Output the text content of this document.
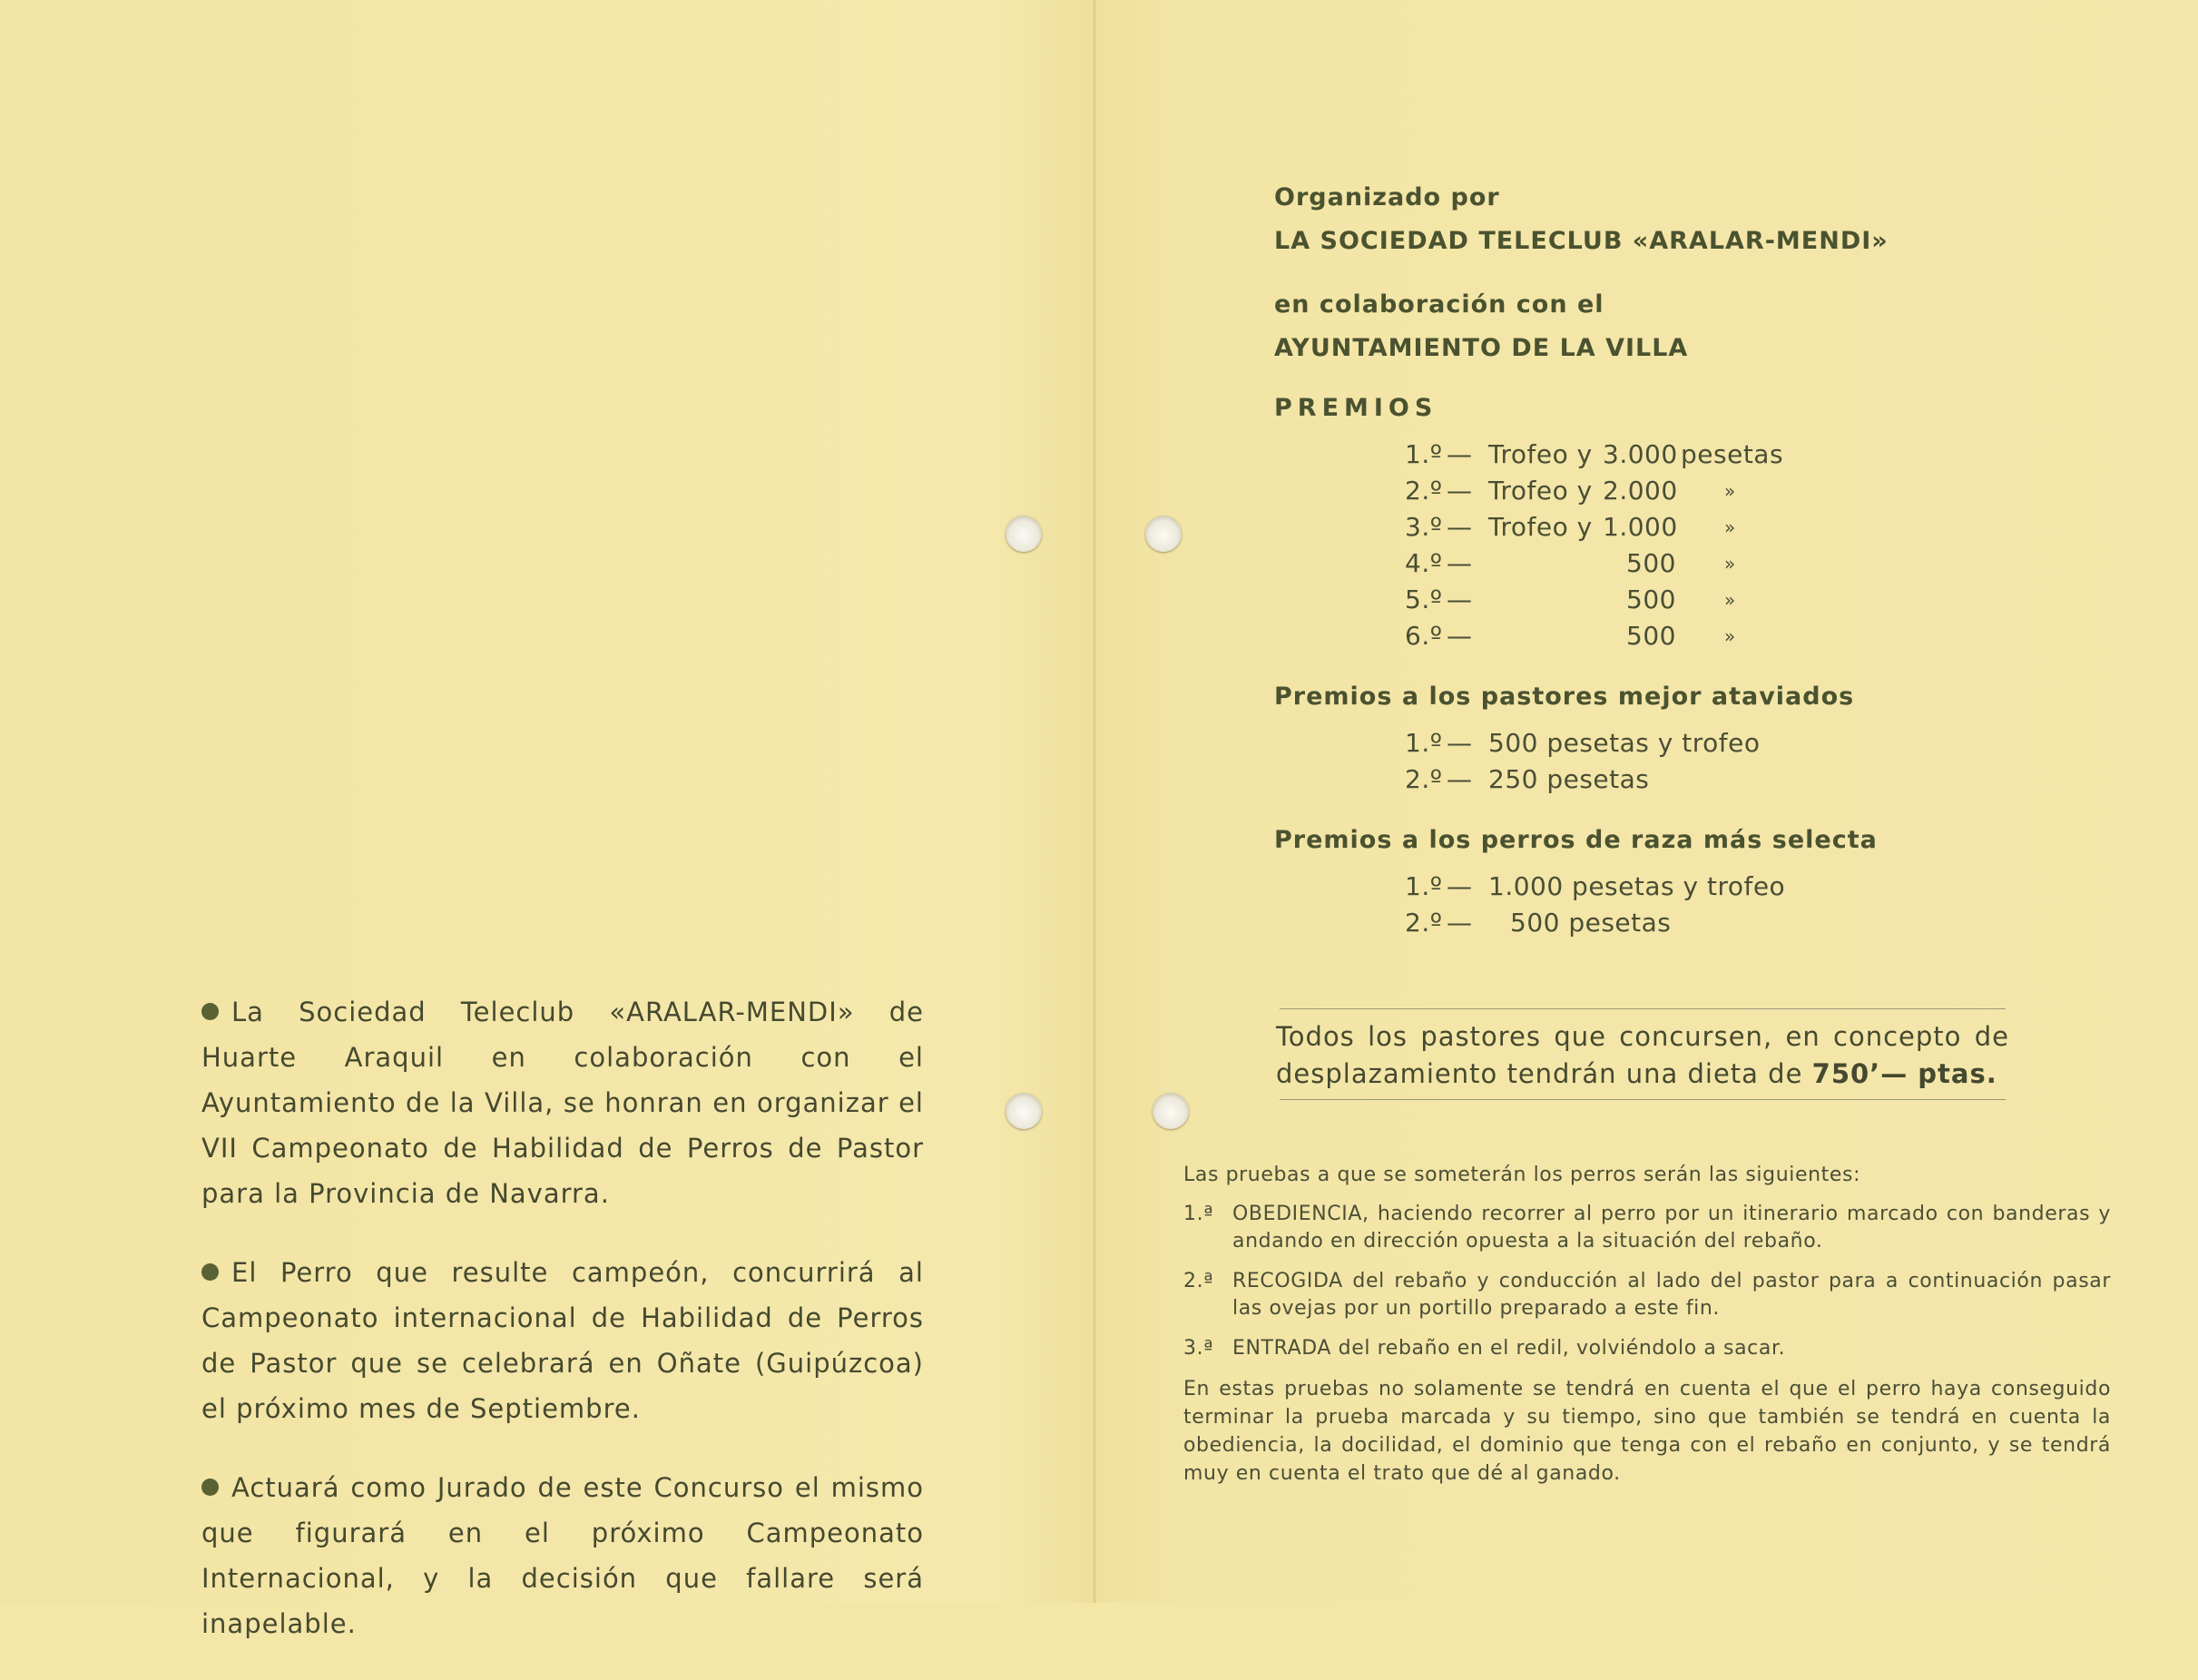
La Sociedad Teleclub «ARALAR-MENDI» de Huarte Araquil en colaboración con el Ayuntamiento de la Villa, se honran en organizar el VII Campeonato de Habilidad de Perros de Pastor para la Provincia de Navarra.

El Perro que resulte campeón, concurrirá al Campeonato internacional de Habilidad de Perros de Pastor que se celebrará en Oñate (Guipúzcoa) el próximo mes de Septiembre.

Actuará como Jurado de este Concurso el mismo que figurará en el próximo Campeonato Internacional, y la decisión que fallare será inapelable.

Organizado por
LA SOCIEDAD TELECLUB «ARALAR-MENDI»
en colaboración con el
AYUNTAMIENTO DE LA VILLA
PREMIOS
1.º — Trofeo y 3.000 pesetas
2.º — Trofeo y 2.000	»
3.º — Trofeo y 1.000	»
4.º —	500	»
5.º —	500	»
6.º —	500	»
Premios a los pastores mejor ataviados
1.º — 500 pesetas y trofeo
2.º — 250 pesetas
Premios a los perros de raza más selecta
1.º — 1.000 pesetas y trofeo
2.º — 500 pesetas
Todos los pastores que concursen, en concepto de desplazamiento tendrán una dieta de 750’— ptas.

Las pruebas a que se someterán los perros serán las siguientes:

1.ª OBEDIENCIA, haciendo recorrer al perro por un itinerario marcado con banderas y andando en dirección opuesta a la situación del rebaño.
2.ª RECOGIDA del rebaño y conducción al lado del pastor para a continuación pasar las ovejas por un portillo preparado a este fin.
3.ª ENTRADA del rebaño en el redil, volviéndolo a sacar.

En estas pruebas no solamente se tendrá en cuenta el que el perro haya conseguido terminar la prueba marcada y su tiempo, sino que también se tendrá en cuenta la obediencia, la docilidad, el dominio que tenga con el rebaño en conjunto, y se tendrá muy en cuenta el trato que dé al ganado.
